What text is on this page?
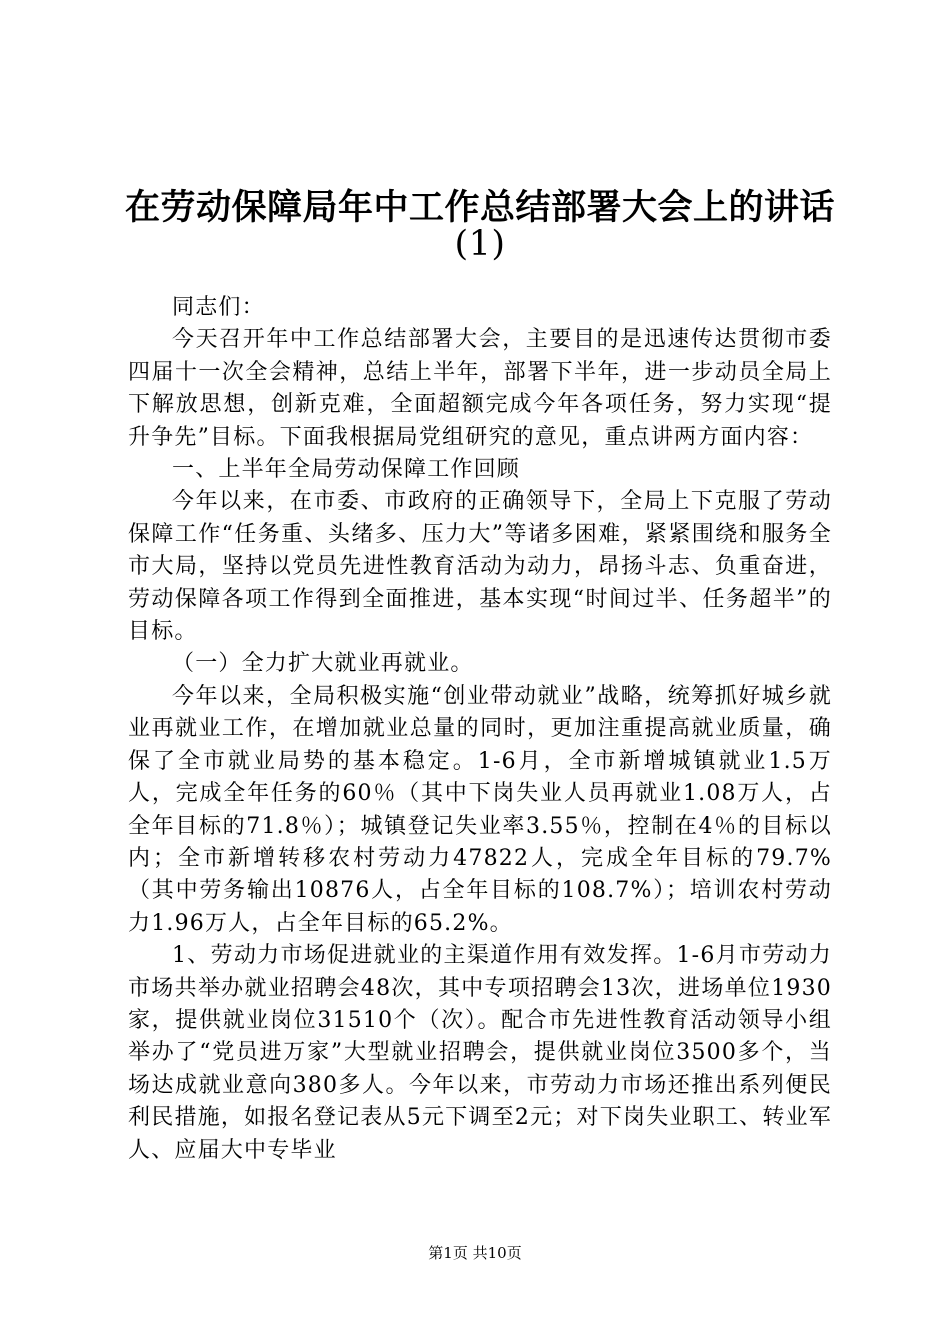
在劳动保障局年中工作总结部署大会上的讲话
(1)

同志们：

今天召开年中工作总结部署大会，主要目的是迅速传达贯彻市委四届十一次全会精神，总结上半年，部署下半年，进一步动员全局上下解放思想，创新克难，全面超额完成今年各项任务，努力实现“提升争先”目标。下面我根据局党组研究的意见，重点讲两方面内容：

一、上半年全局劳动保障工作回顾

今年以来，在市委、市政府的正确领导下，全局上下克服了劳动保障工作“任务重、头绪多、压力大”等诸多困难，紧紧围绕和服务全市大局，坚持以党员先进性教育活动为动力，昂扬斗志、负重奋进，劳动保障各项工作得到全面推进，基本实现“时间过半、任务超半”的目标。

（一）全力扩大就业再就业。

今年以来，全局积极实施“创业带动就业”战略，统筹抓好城乡就业再就业工作，在增加就业总量的同时，更加注重提高就业质量，确保了全市就业局势的基本稳定。1-6月，全市新增城镇就业1.5万人，完成全年任务的60％（其中下岗失业人员再就业1.08万人，占全年目标的71.8％）；城镇登记失业率3.55％，控制在4％的目标以内；全市新增转移农村劳动力47822人，完成全年目标的79.7%（其中劳务输出10876人，占全年目标的108.7%）；培训农村劳动力1.96万人，占全年目标的65.2%。

1、劳动力市场促进就业的主渠道作用有效发挥。1-6月市劳动力市场共举办就业招聘会48次，其中专项招聘会13次，进场单位1930家，提供就业岗位31510个（次）。配合市先进性教育活动领导小组举办了“党员进万家”大型就业招聘会，提供就业岗位3500多个，当场达成就业意向380多人。今年以来，市劳动力市场还推出系列便民利民措施，如报名登记表从5元下调至2元；对下岗失业职工、转业军人、应届大中专毕业

第1页 共10页
